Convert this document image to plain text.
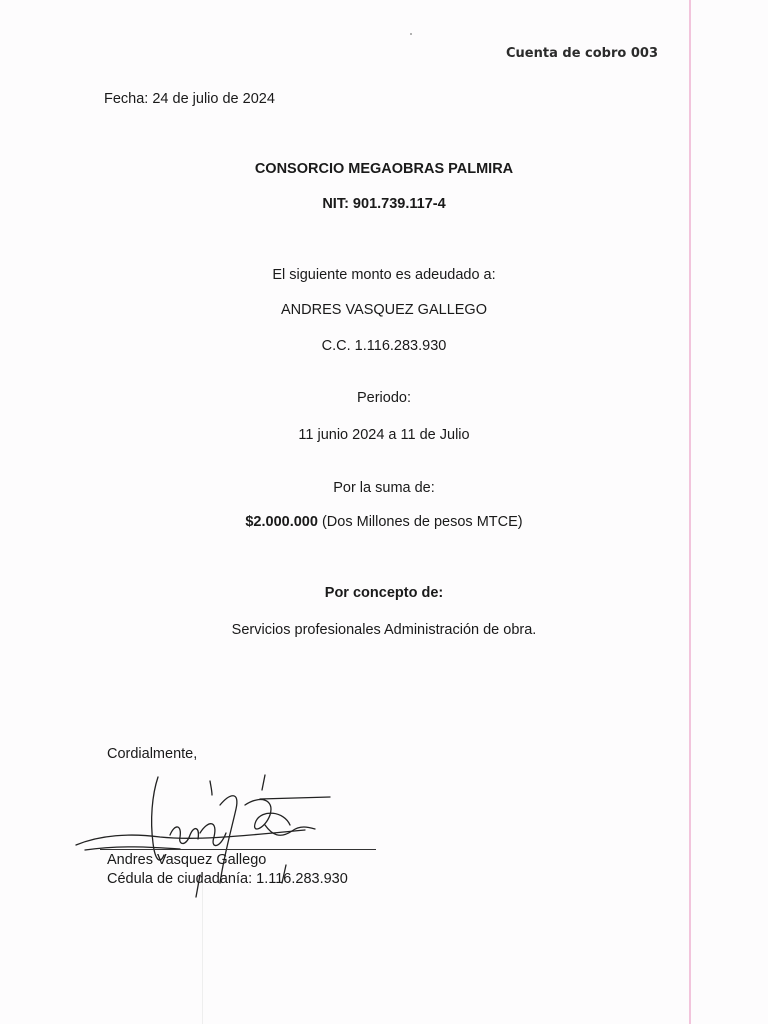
Cuenta de cobro 003
Fecha: 24 de julio de 2024
CONSORCIO MEGAOBRAS PALMIRA
NIT: 901.739.117-4
El siguiente monto es adeudado a:
ANDRES VASQUEZ GALLEGO
C.C. 1.116.283.930
Periodo:
11 junio 2024 a 11 de Julio
Por la suma de:
$2.000.000 (Dos Millones de pesos MTCE)
Por concepto de:
Servicios profesionales Administración de obra.
Cordialmente,
Andres Vasquez Gallego
Cédula de ciudadanía: 1.116.283.930
